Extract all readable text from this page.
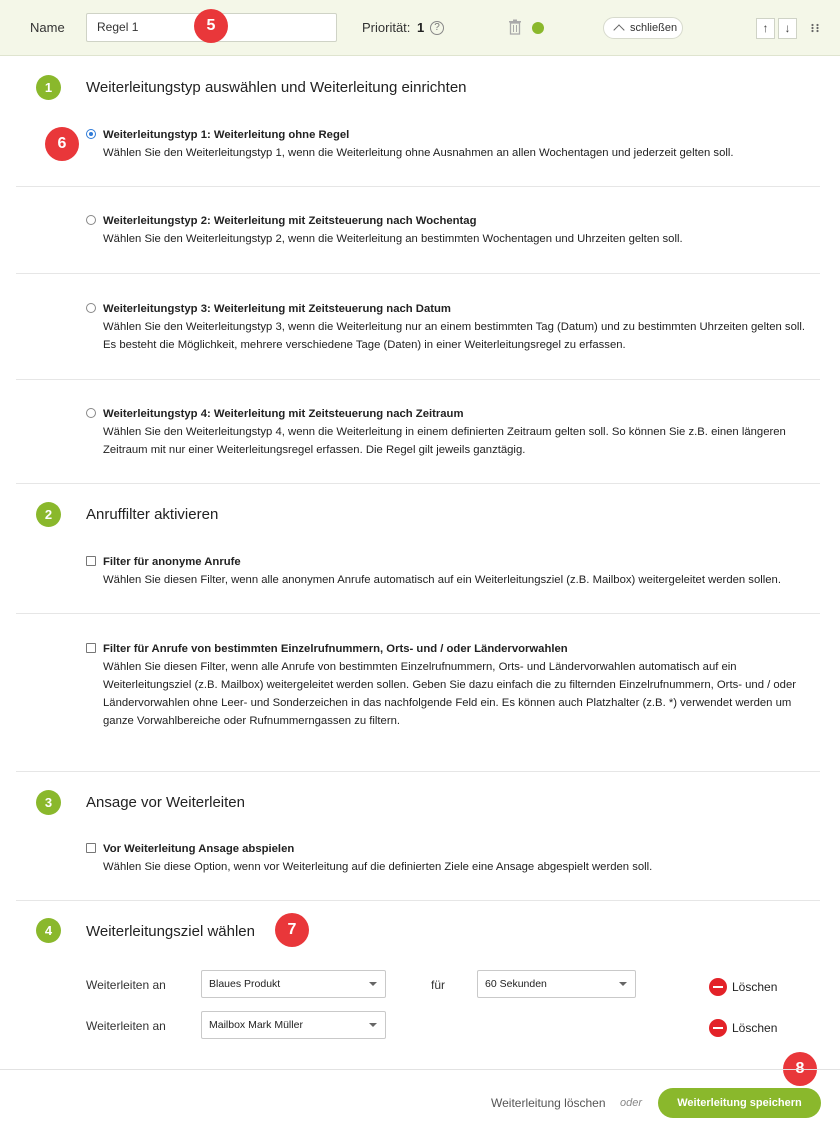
Name	Regel 1	Priorität: 1 ?	schließen	↑	↓
5
6
7
1	Weiterleitungstyp auswählen und Weiterleitung einrichten
Weiterleitungstyp 1: Weiterleitung ohne Regel
Wählen Sie den Weiterleitungstyp 1, wenn die Weiterleitung ohne Ausnahmen an allen Wochentagen und jederzeit gelten soll.
Weiterleitungstyp 2: Weiterleitung mit Zeitsteuerung nach Wochentag
Wählen Sie den Weiterleitungstyp 2, wenn die Weiterleitung an bestimmten Wochentagen und Uhrzeiten gelten soll.
Weiterleitungstyp 3: Weiterleitung mit Zeitsteuerung nach Datum
Wählen Sie den Weiterleitungstyp 3, wenn die Weiterleitung nur an einem bestimmten Tag (Datum) und zu bestimmten Uhrzeiten gelten soll. Es besteht die Möglichkeit, mehrere verschiedene Tage (Daten) in einer Weiterleitungsregel zu erfassen.
Weiterleitungstyp 4: Weiterleitung mit Zeitsteuerung nach Zeitraum
Wählen Sie den Weiterleitungstyp 4, wenn die Weiterleitung in einem definierten Zeitraum gelten soll. So können Sie z.B. einen längeren Zeitraum mit nur einer Weiterleitungsregel erfassen. Die Regel gilt jeweils ganztägig.
2	Anruffilter aktivieren
Filter für anonyme Anrufe
Wählen Sie diesen Filter, wenn alle anonymen Anrufe automatisch auf ein Weiterleitungsziel (z.B. Mailbox) weitergeleitet werden sollen.
Filter für Anrufe von bestimmten Einzelrufnummern, Orts- und / oder Ländervorwahlen
Wählen Sie diesen Filter, wenn alle Anrufe von bestimmten Einzelrufnummern, Orts- und Ländervorwahlen automatisch auf ein Weiterleitungsziel (z.B. Mailbox) weitergeleitet werden sollen. Geben Sie dazu einfach die zu filternden Einzelrufnummern, Orts- und / oder Ländervorwahlen ohne Leer- und Sonderzeichen in das nachfolgende Feld ein. Es können auch Platzhalter (z.B. *) verwendet werden um ganze Vorwahlbereiche oder Rufnummerngassen zu filtern.
3	Ansage vor Weiterleiten
Vor Weiterleitung Ansage abspielen
Wählen Sie diese Option, wenn vor Weiterleitung auf die definierten Ziele eine Ansage abgespielt werden soll.
4	Weiterleitungsziel wählen
Weiterleiten an	Blaues Produkt	für	60 Sekunden	Löschen
Weiterleiten an	Mailbox Mark Müller	Löschen
Weiterleitung löschen oder	Weiterleitung speichern
